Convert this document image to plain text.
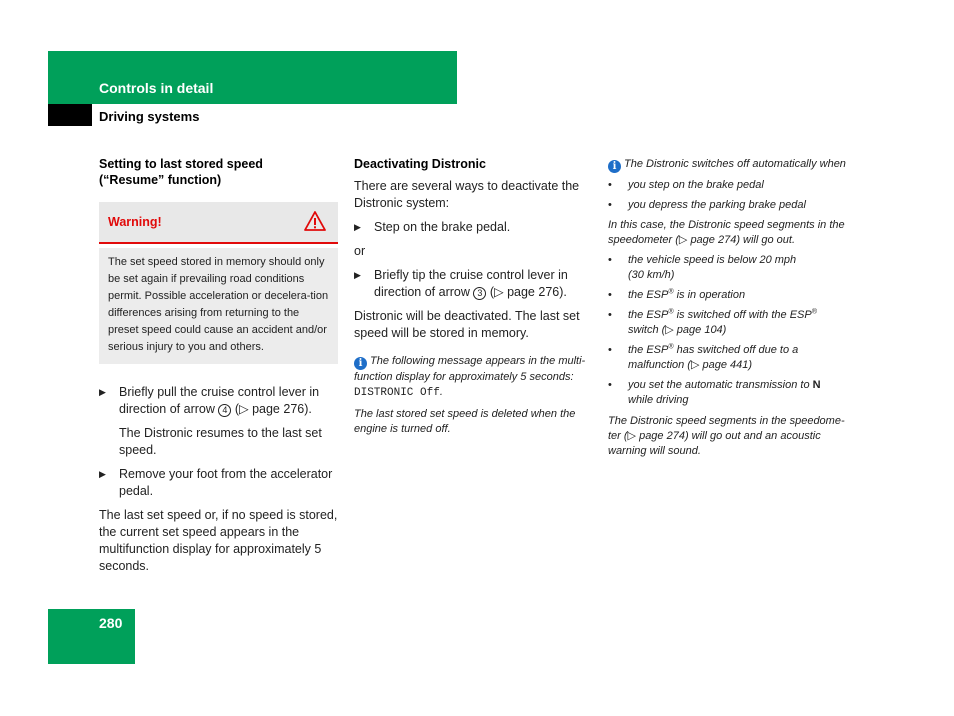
Controls in detail
Driving systems
Setting to last stored speed
(“Resume” function)
Warning!
The set speed stored in memory should only be set again if prevailing road conditions permit. Possible acceleration or decelera-tion differences arising from returning to the preset speed could cause an accident and/or serious injury to you and others.
▶ Briefly pull the cruise control lever in direction of arrow 4 (▷ page 276).
The Distronic resumes to the last set speed.
▶ Remove your foot from the accelerator pedal.

The last set speed or, if no speed is stored, the current set speed appears in the multifunction display for approximately 5 seconds.

Deactivating Distronic

There are several ways to deactivate the Distronic system:

▶ Step on the brake pedal.
or
▶ Briefly tip the cruise control lever in direction of arrow 3 (▷ page 276).

Distronic will be deactivated. The last set speed will be stored in memory.

i The following message appears in the multi-function display for approximately 5 seconds:
DISTRONIC Off.
The last stored set speed is deleted when the engine is turned off.
i The Distronic switches off automatically when
• you step on the brake pedal
• you depress the parking brake pedal
In this case, the Distronic speed segments in the speedometer (▷ page 274) will go out.
• the vehicle speed is below 20 mph
(30 km/h)
• the ESP® is in operation
• the ESP® is switched off with the ESP®
switch (▷ page 104)
• the ESP® has switched off due to a
malfunction (▷ page 441)
• you set the automatic transmission to N
while driving
The Distronic speed segments in the speedome-ter (▷ page 274) will go out and an acoustic warning will sound.
280
